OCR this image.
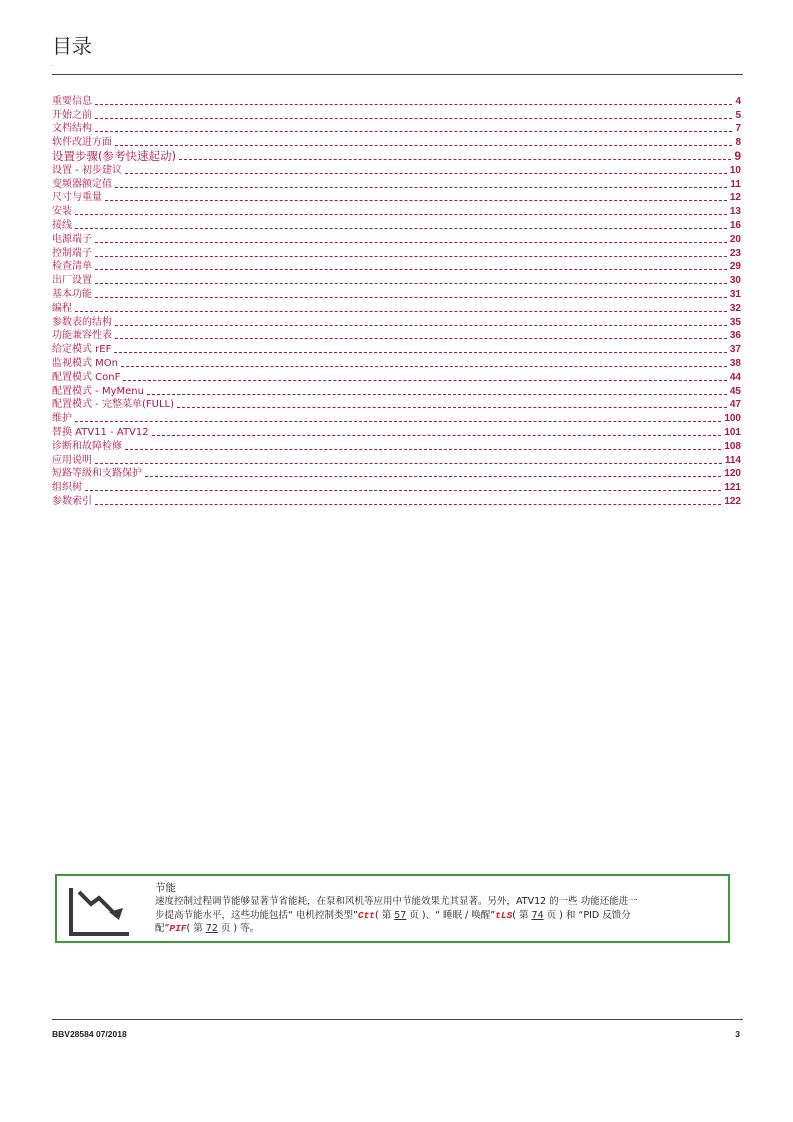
目录
.
重要信息	4
开始之前	5
文档结构	7
软件改进方面	8
设置步骤(参考快速起动)	9
设置 - 初步建议	10
变频器额定值	11
尺寸与重量	12
安装	13
接线	16
电源端子	20
控制端子	23
检查清单	29
出厂设置	30
基本功能	31
编程	32
参数表的结构	35
功能兼容性表	36
给定模式 rEF	37
监视模式 MOn	38
配置模式 ConF	44
配置模式 - MyMenu	45
配置模式 - 完整菜单(FULL)	47
维护	100
替换 ATV11 - ATV12	101
诊断和故障检修	108
应用说明	114
短路等级和支路保护	120
组织树	121
参数索引	122
节能
速度控制过程调节能够显著节省能耗，在泵和风机等应用中节能效果尤其显著。另外，ATV12 的一些 功能还能进一
步提高节能水平，这些功能包括“ 电机控制类型”Ctt( 第 57 页 )、“ 睡眠 / 唤醒”tLS( 第 74 页 ) 和 “PID 反馈分
配”PIF( 第 72 页 ) 等。
BBV28584 07/2018	3
